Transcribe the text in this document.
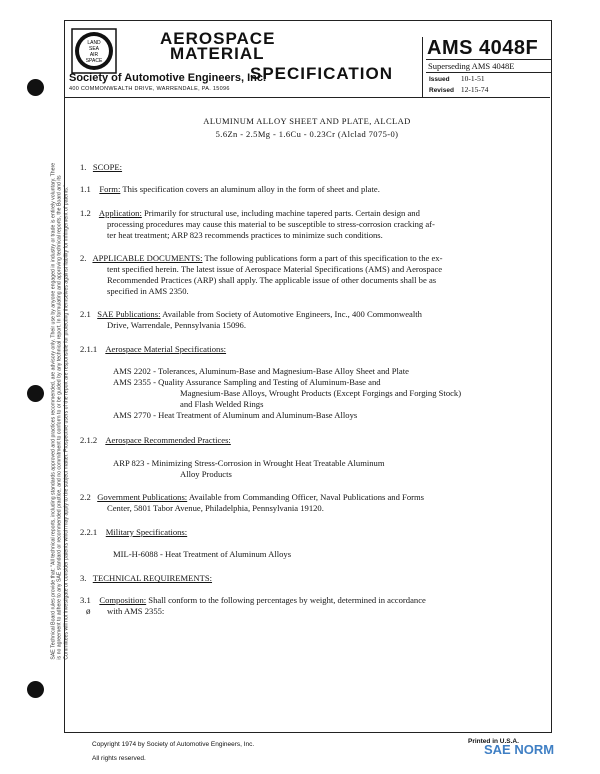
SAE Technical Board rules provide that: "All technical reports, including standards approved and practices recommended, are advisory only. Their use by anyone engaged in industry or trade is entirely voluntary. There is no agreement to adhere to any SAE standard or recommended practice, and no commitment to conform to or be guided by any technical report. In formulating and approving technical reports, the Board and its Committees will not investigate or consider patents which may apply to the subject matter. Prospective users of the report are responsible for protecting themselves against liability for infringement of patents."
LAND
SEA
AIR
SPACE
AEROSPACE
MATERIAL
SPECIFICATION
Society of Automotive Engineers, Inc.
400 COMMONWEALTH DRIVE, WARRENDALE, PA. 15096
AMS 4048F
Superseding AMS 4048E
Issued 10-1-51
Revised 12-15-74
ALUMINUM ALLOY SHEET AND PLATE, ALCLAD
5.6Zn - 2.5Mg - 1.6Cu - 0.23Cr (Alclad 7075-0)
1. SCOPE:
1.1 Form: This specification covers an aluminum alloy in the form of sheet and plate.
1.2 Application: Primarily for structural use, including machine tapered parts. Certain design and
processing procedures may cause this material to be susceptible to stress-corrosion cracking af-
ter heat treatment; ARP 823 recommends practices to minimize such conditions.
2. APPLICABLE DOCUMENTS: The following publications form a part of this specification to the ex-
tent specified herein. The latest issue of Aerospace Material Specifications (AMS) and Aerospace
Recommended Practices (ARP) shall apply. The applicable issue of other documents shall be as
specified in AMS 2350.
2.1 SAE Publications: Available from Society of Automotive Engineers, Inc., 400 Commonwealth
Drive, Warrendale, Pennsylvania 15096.
2.1.1 Aerospace Material Specifications:
AMS 2202 - Tolerances, Aluminum-Base and Magnesium-Base Alloy Sheet and Plate
AMS 2355 - Quality Assurance Sampling and Testing of Aluminum-Base and
Magnesium-Base Alloys, Wrought Products (Except Forgings and Forging Stock)
and Flash Welded Rings
AMS 2770 - Heat Treatment of Aluminum and Aluminum-Base Alloys
2.1.2 Aerospace Recommended Practices:
ARP 823 - Minimizing Stress-Corrosion in Wrought Heat Treatable Aluminum
Alloy Products
2.2 Government Publications: Available from Commanding Officer, Naval Publications and Forms
Center, 5801 Tabor Avenue, Philadelphia, Pennsylvania 19120.
2.2.1 Military Specifications:
MIL-H-6088 - Heat Treatment of Aluminum Alloys
3. TECHNICAL REQUIREMENTS:
3.1 Composition: Shall conform to the following percentages by weight, determined in accordance
ø with AMS 2355:
Copyright 1974 by Society of Automotive Engineers, Inc.
All rights reserved.
Printed in U.S.A.
SAE NORM
